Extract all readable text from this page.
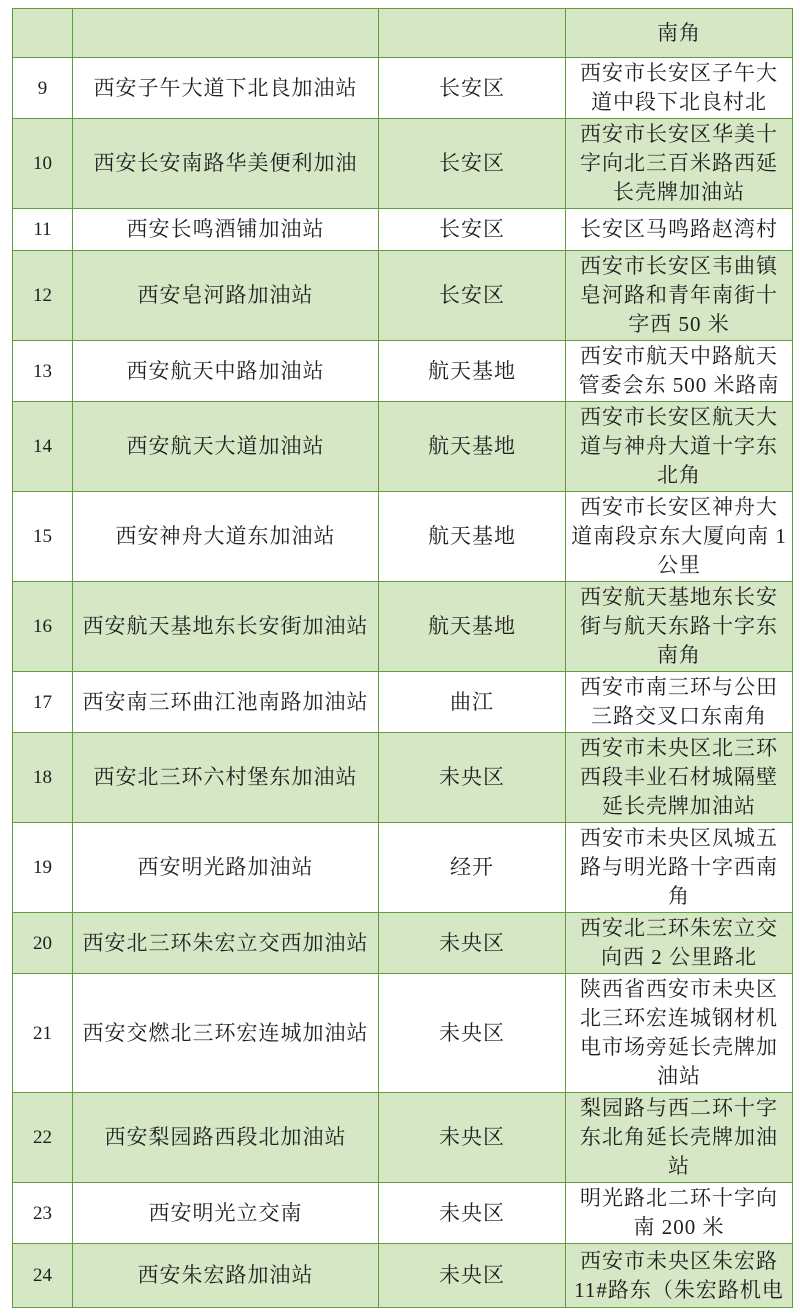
			南角

9	西安子午大道下北良加油站	长安区	西安市长安区子午大
道中段下北良村北

10	西安长安南路华美便利加油	长安区	西安市长安区华美十
字向北三百米路西延
长壳牌加油站

11	西安长鸣酒铺加油站	长安区	长安区马鸣路赵湾村

12	西安皂河路加油站	长安区	西安市长安区韦曲镇
皂河路和青年南街十
字西 50 米

13	西安航天中路加油站	航天基地	西安市航天中路航天
管委会东 500 米路南

14	西安航天大道加油站	航天基地	西安市长安区航天大
道与神舟大道十字东
北角

15	西安神舟大道东加油站	航天基地	西安市长安区神舟大
道南段京东大厦向南 1
公里

16	西安航天基地东长安街加油站	航天基地	西安航天基地东长安
街与航天东路十字东
南角

17	西安南三环曲江池南路加油站	曲江	西安市南三环与公田
三路交叉口东南角

18	西安北三环六村堡东加油站	未央区	西安市未央区北三环
西段丰业石材城隔壁
延长壳牌加油站

19	西安明光路加油站	经开	西安市未央区凤城五
路与明光路十字西南
角

20	西安北三环朱宏立交西加油站	未央区	西安北三环朱宏立交
向西 2 公里路北

21	西安交燃北三环宏连城加油站	未央区	陕西省西安市未央区
北三环宏连城钢材机
电市场旁延长壳牌加
油站

22	西安梨园路西段北加油站	未央区	梨园路与西二环十字
东北角延长壳牌加油
站

23	西安明光立交南	未央区	明光路北二环十字向
南 200 米

24	西安朱宏路加油站	未央区	西安市未央区朱宏路
11#路东（朱宏路机电
